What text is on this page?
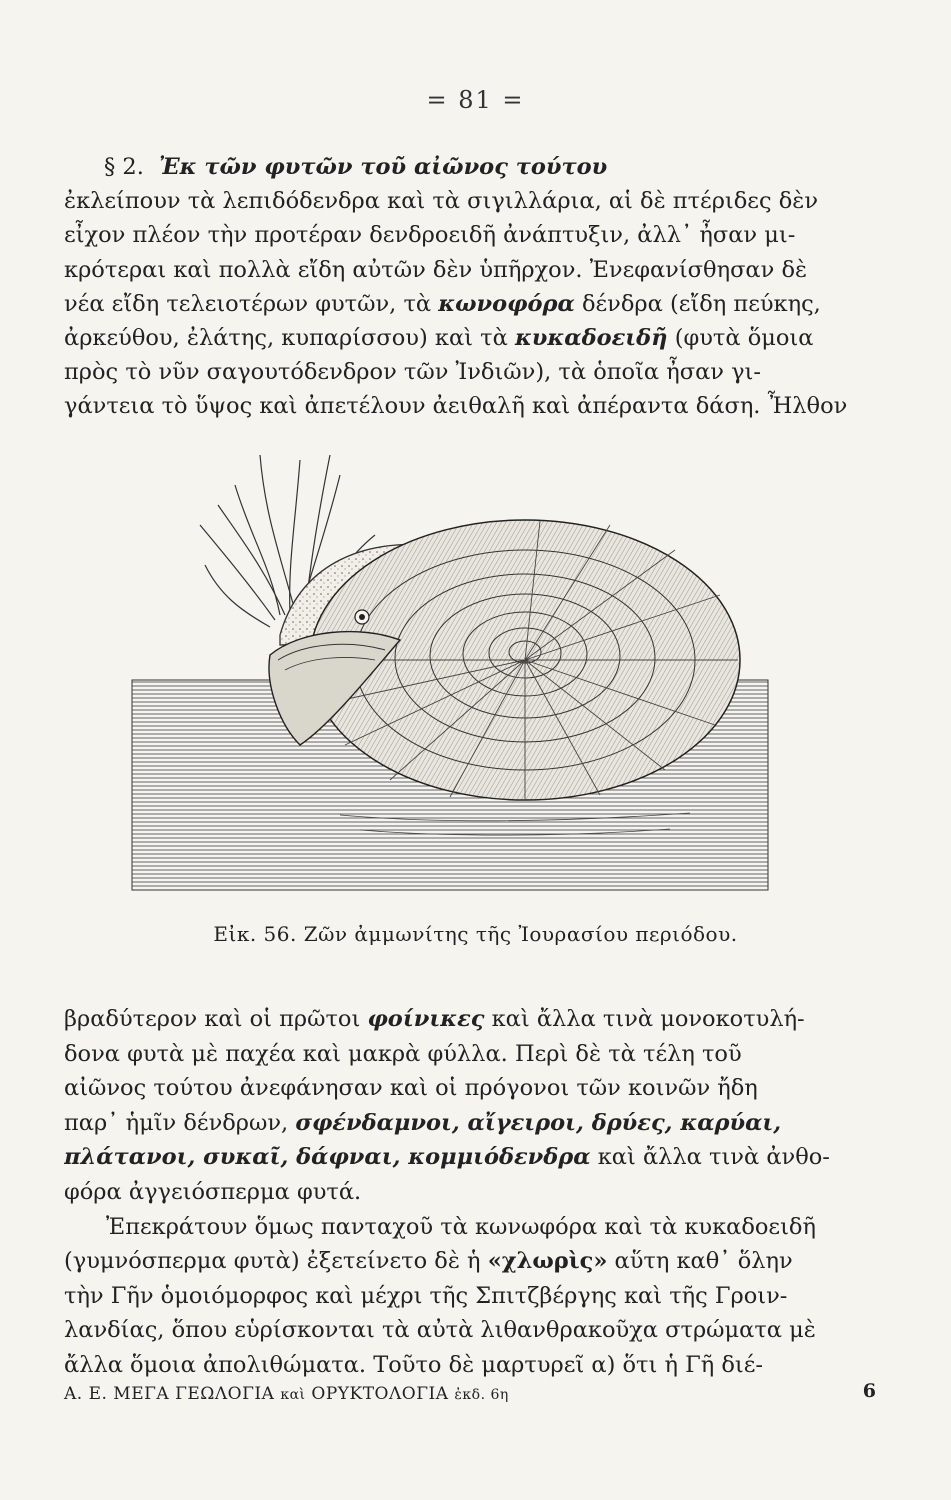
= 81 =
§ 2. Ἐκ τῶν φυτῶν τοῦ αἰῶνος τούτου
ἐκλείπουν τὰ λεπιδόδενδρα καὶ τὰ σιγιλλάρια, αἱ δὲ πτέριδες δὲν
εἶχον πλέον τὴν προτέραν δενδροειδῆ ἀνάπτυξιν, ἀλλ᾽ ἦσαν μι-
κρότεραι καὶ πολλὰ εἴδη αὐτῶν δὲν ὑπῆρχον. Ἐνεφανίσθησαν δὲ
νέα εἴδη τελειοτέρων φυτῶν, τὰ κωνοφόρα δένδρα (εἴδη πεύκης,
ἀρκεύθου, ἐλάτης, κυπαρίσσου) καὶ τὰ κυκαδοειδῆ (φυτὰ ὅμοια
πρὸς τὸ νῦν σαγουτόδενδρον τῶν Ἰνδιῶν), τὰ ὁποῖα ἦσαν γι-
γάντεια τὸ ὕψος καὶ ἀπετέλουν ἀειθαλῆ καὶ ἀπέραντα δάση. Ἦλθον
Εἰκ. 56. Ζῶν ἀμμωνίτης τῆς Ἰουρασίου περιόδου.
βραδύτερον καὶ οἱ πρῶτοι φοίνικες καὶ ἄλλα τινὰ μονοκοτυλή-
δονα φυτὰ μὲ παχέα καὶ μακρὰ φύλλα. Περὶ δὲ τὰ τέλη τοῦ
αἰῶνος τούτου ἀνεφάνησαν καὶ οἱ πρόγονοι τῶν κοινῶν ἤδη
παρ᾽ ἡμῖν δένδρων, σφένδαμνοι, αἴγειροι, δρύες, καρύαι,
πλάτανοι, συκαῖ, δάφναι, κομμιόδενδρα καὶ ἄλλα τινὰ ἀνθο-
φόρα ἀγγειόσπερμα φυτά.
Ἐπεκράτουν ὅμως πανταχοῦ τὰ κωνωφόρα καὶ τὰ κυκαδοειδῆ
(γυμνόσπερμα φυτὰ) ἐξετείνετο δὲ ἡ «χλωρὶς» αὕτη καθ᾽ ὅλην
τὴν Γῆν ὁμοιόμορφος καὶ μέχρι τῆς Σπιτζβέργης καὶ τῆς Γροιν-
λανδίας, ὅπου εὑρίσκονται τὰ αὐτὰ λιθανθρακοῦχα στρώματα μὲ
ἄλλα ὅμοια ἀπολιθώματα. Τοῦτο δὲ μαρτυρεῖ α) ὅτι ἡ Γῆ διέ-
Α. Ε. ΜΕΓΑ ΓΕΩΛΟΓΙΑ καὶ ΟΡΥΚΤΟΛΟΓΙΑ ἐκδ. 6η	6
